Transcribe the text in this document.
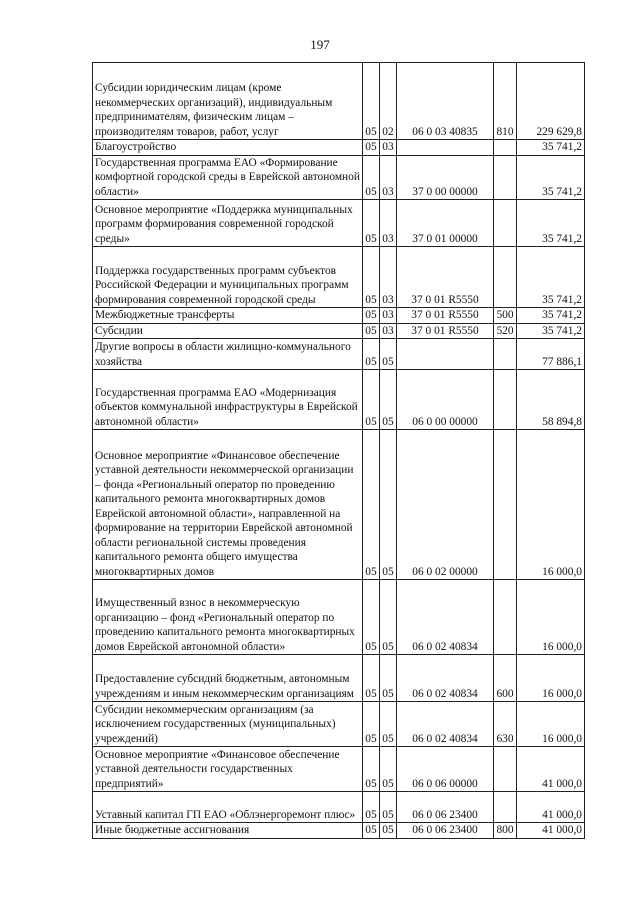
197
Субсидии юридическим лицам (кроме некоммерческих организаций), индивидуальным предпринимателям, физическим лицам – производителям товаров, работ, услуг	05	02	06 0 03 40835	810	229 629,8
Благоустройство	05	03			35 741,2
Государственная программа ЕАО «Формирование комфортной городской среды в Еврейской автономной области»	05	03	37 0 00 00000		35 741,2
Основное мероприятие «Поддержка муниципальных программ формирования современной городской среды»	05	03	37 0 01 00000		35 741,2
Поддержка государственных программ субъектов Российской Федерации и муниципальных программ формирования современной городской среды	05	03	37 0 01 R5550		35 741,2
Межбюджетные трансферты	05	03	37 0 01 R5550	500	35 741,2
Субсидии	05	03	37 0 01 R5550	520	35 741,2
Другие вопросы в области жилищно-коммунального хозяйства	05	05			77 886,1
Государственная программа ЕАО «Модернизация объектов коммунальной инфраструктуры в Еврейской автономной области»	05	05	06 0 00 00000		58 894,8
Основное мероприятие «Финансовое обеспечение уставной деятельности некоммерческой организации – фонда «Региональный оператор по проведению капитального ремонта многоквартирных домов Еврейской автономной области», направленной на формирование на территории Еврейской автономной области региональной системы проведения капитального ремонта общего имущества многоквартирных домов	05	05	06 0 02 00000		16 000,0
Имущественный взнос в некоммерческую организацию – фонд «Региональный оператор по проведению капитального ремонта многоквартирных домов Еврейской автономной области»	05	05	06 0 02 40834		16 000,0
Предоставление субсидий бюджетным, автономным учреждениям и иным некоммерческим организациям	05	05	06 0 02 40834	600	16 000,0
Субсидии некоммерческим организациям (за исключением государственных (муниципальных) учреждений)	05	05	06 0 02 40834	630	16 000,0
Основное мероприятие «Финансовое обеспечение уставной деятельности государственных предприятий»	05	05	06 0 06 00000		41 000,0
Уставный капитал ГП ЕАО «Облэнергоремонт плюс»	05	05	06 0 06 23400		41 000,0
Иные бюджетные ассигнования	05	05	06 0 06 23400	800	41 000,0
